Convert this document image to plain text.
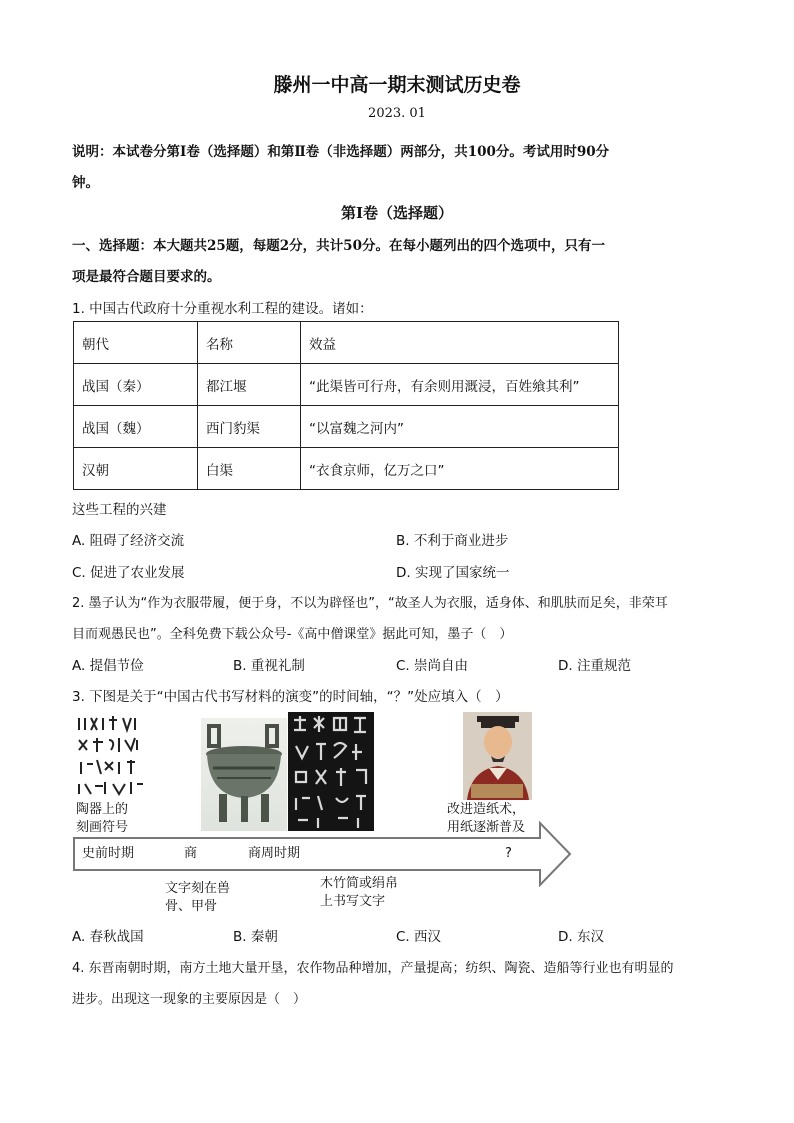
滕州一中高一期末测试历史卷
2023. 01
说明：本试卷分第Ⅰ卷（选择题）和第Ⅱ卷（非选择题）两部分，共100分。考试用时90分
钟。
第Ⅰ卷（选择题）
一、选择题：本大题共25题，每题2分，共计50分。在每小题列出的四个选项中，只有一
项是最符合题目要求的。
1. 中国古代政府十分重视水利工程的建设。诸如：
朝代	名称	效益
战国（秦）	都江堰	“此渠皆可行舟，有余则用溉浸，百姓飨其利”
战国（魏）	西门豹渠	“以富魏之河内”
汉朝	白渠	“衣食京师，亿万之口”
这些工程的兴建
A. 阻碍了经济交流	B. 不利于商业进步
C. 促进了农业发展	D. 实现了国家统一
2. 墨子认为“作为衣服带履，便于身，不以为辟怪也”，“故圣人为衣服，适身体、和肌肤而足矣，非荣耳
目而观愚民也”。全科免费下载公众号-《高中僧课堂》据此可知，墨子（　）
A. 提倡节俭	B. 重视礼制	C. 崇尚自由	D. 注重规范
3. 下图是关于“中国古代书写材料的演变”的时间轴，“？”处应填入（　）
陶器上的
刻画符号
改进造纸术，
用纸逐渐普及
史前时期	商	商周时期	?
文字刻在兽
骨、甲骨
木竹简或绢帛
上书写文字
A. 春秋战国	B. 秦朝	C. 西汉	D. 东汉
4. 东晋南朝时期，南方土地大量开垦，农作物品种增加，产量提高；纺织、陶瓷、造船等行业也有明显的
进步。出现这一现象的主要原因是（　）
